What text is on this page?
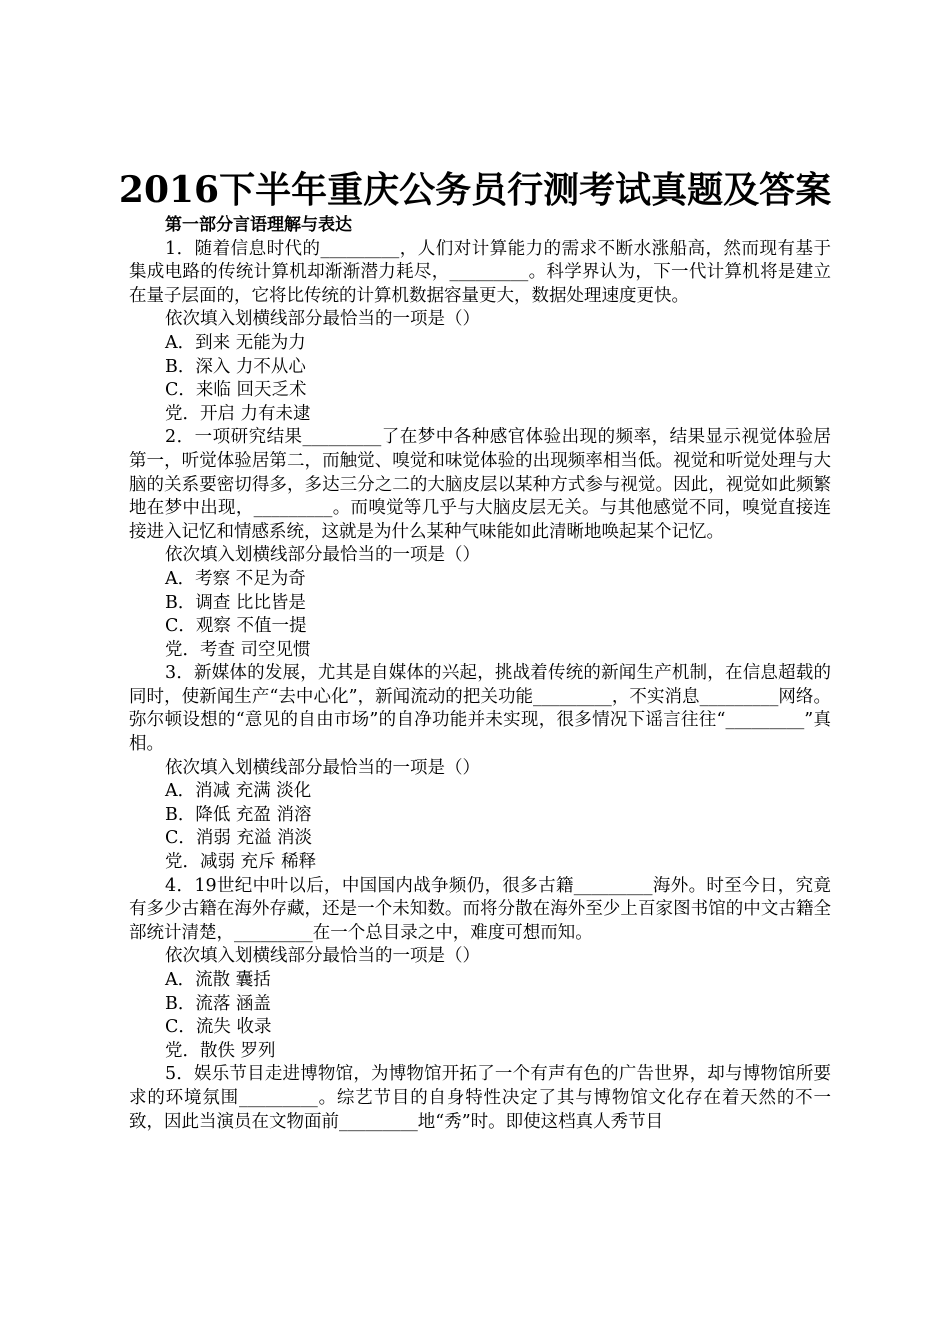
2016下半年重庆公务员行测考试真题及答案
第一部分言语理解与表达

1．随着信息时代的_________，人们对计算能力的需求不断水涨船高，然而现有基于集成电路的传统计算机却渐渐潜力耗尽，_________。科学界认为，下一代计算机将是建立在量子层面的，它将比传统的计算机数据容量更大，数据处理速度更快。

依次填入划横线部分最恰当的一项是（）
A．到来 无能为力
B．深入 力不从心
C．来临 回天乏术
党．开启 力有未逮

2．一项研究结果_________了在梦中各种感官体验出现的频率，结果显示视觉体验居第一，听觉体验居第二，而触觉、嗅觉和味觉体验的出现频率相当低。视觉和听觉处理与大脑的关系要密切得多，多达三分之二的大脑皮层以某种方式参与视觉。因此，视觉如此频繁地在梦中出现，_________。而嗅觉等几乎与大脑皮层无关。与其他感觉不同，嗅觉直接连接进入记忆和情感系统，这就是为什么某种气味能如此清晰地唤起某个记忆。

依次填入划横线部分最恰当的一项是（）
A．考察 不足为奇
B．调查 比比皆是
C．观察 不值一提
党．考查 司空见惯

3．新媒体的发展，尤其是自媒体的兴起，挑战着传统的新闻生产机制，在信息超载的同时，使新闻生产“去中心化”，新闻流动的把关功能_________，不实消息_________网络。弥尔顿设想的“意见的自由市场”的自净功能并未实现，很多情况下谣言往往“_________”真相。

依次填入划横线部分最恰当的一项是（）
A．消减 充满 淡化
B．降低 充盈 消溶
C．消弱 充溢 消淡
党．减弱 充斥 稀释

4．19世纪中叶以后，中国国内战争频仍，很多古籍_________海外。时至今日，究竟有多少古籍在海外存藏，还是一个未知数。而将分散在海外至少上百家图书馆的中文古籍全部统计清楚，_________在一个总目录之中，难度可想而知。

依次填入划横线部分最恰当的一项是（）
A．流散 囊括
B．流落 涵盖
C．流失 收录
党．散佚 罗列

5．娱乐节目走进博物馆，为博物馆开拓了一个有声有色的广告世界，却与博物馆所要求的环境氛围_________。综艺节目的自身特性决定了其与博物馆文化存在着天然的不一致，因此当演员在文物面前_________地“秀”时。即使这档真人秀节目
